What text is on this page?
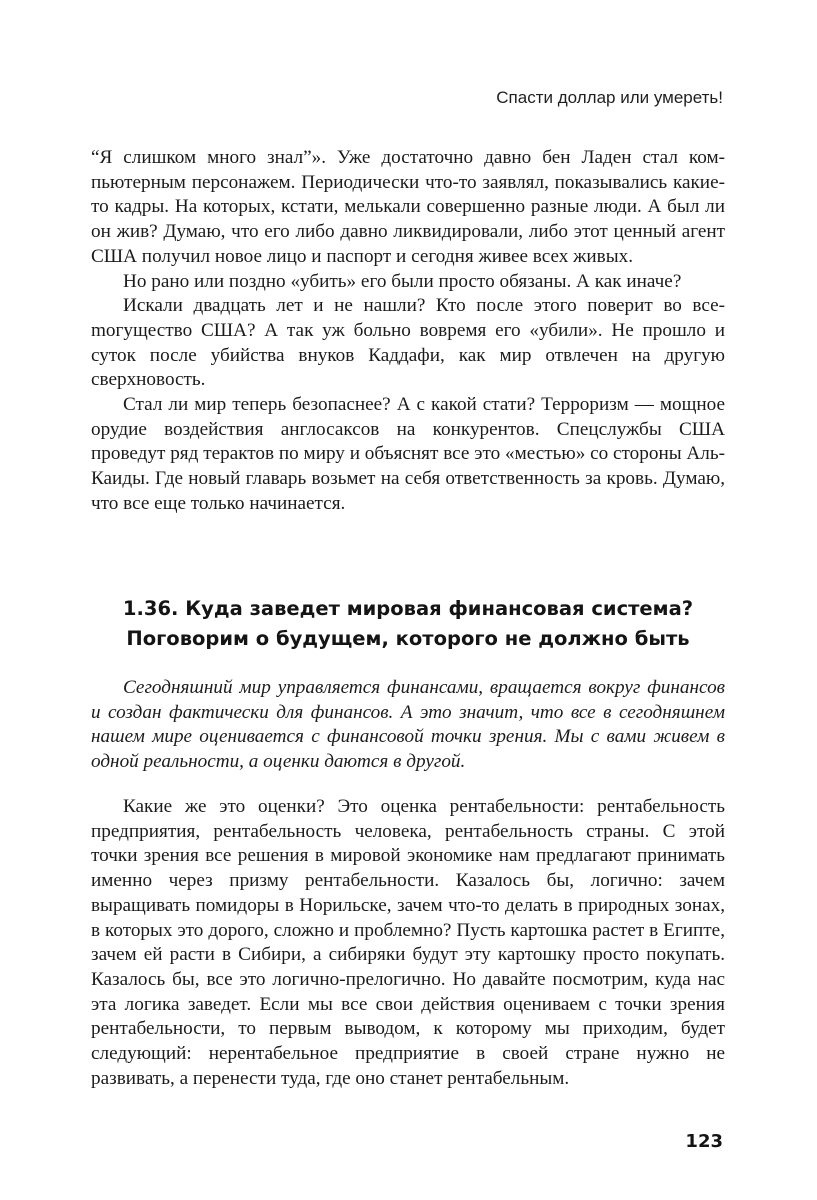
Спасти доллар или умереть!

“Я слишком много знал”». Уже достаточно давно бен Ладен стал компьютерным персонажем. Периодически что-то заявлял, показывались какие-то кадры. На которых, кстати, мелькали совершенно разные люди. А был ли он жив? Думаю, что его либо давно ликвидировали, либо этот ценный агент США получил новое лицо и паспорт и сегодня живее всех живых.

Но рано или поздно «убить» его были просто обязаны. А как иначе?

Искали двадцать лет и не нашли? Кто после этого поверит во всеmогущество США? А так уж больно вовремя его «убили». Не прошло и суток после убийства внуков Каддафи, как мир отвлечен на другую сверхновость.

Стал ли мир теперь безопаснее? А с какой стати? Терроризм — мощное орудие воздействия англосаксов на конкурентов. Спецслужбы США проведут ряд терактов по миру и объяснят все это «местью» со стороны Аль-Каиды. Где новый главарь возьмет на себя ответственность за кровь. Думаю, что все еще только начинается.

1.36. Куда заведет мировая финансовая система?
Поговорим о будущем, которого не должно быть

Сегодняшний мир управляется финансами, вращается вокруг финансов и создан фактически для финансов. А это значит, что все в сегодняшнем нашем мире оценивается с финансовой точки зрения. Мы с вами живем в одной реальности, а оценки даются в другой.

Какие же это оценки? Это оценка рентабельности: рентабельность предприятия, рентабельность человека, рентабельность страны. С этой точки зрения все решения в мировой экономике нам предлагают принимать именно через призму рентабельности. Казалось бы, логично: зачем выращивать помидоры в Норильске, зачем что-то делать в природных зонах, в которых это дорого, сложно и проблемно? Пусть картошка растет в Египте, зачем ей расти в Сибири, а сибиряки будут эту картошку просто покупать. Казалось бы, все это логично-прелогично. Но давайте посмотрим, куда нас эта логика заведет. Если мы все свои действия оцениваем с точки зрения рентабельности, то первым выводом, к которому мы приходим, будет следующий: нерентабельное предприятие в своей стране нужно не развивать, а перенести туда, где оно станет рентабельным.

123
